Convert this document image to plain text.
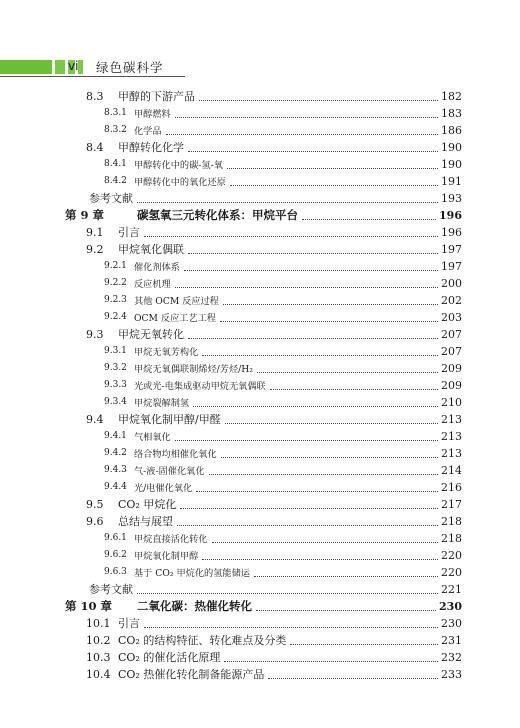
vi 绿色碳科学
8.3	甲醇的下游产品	182
8.3.1 甲醇燃料	183
8.3.2 化学品	186
8.4	甲醇转化化学	190
8.4.1 甲醇转化中的碳-氢-氧	190
8.4.2 甲醇转化中的氧化还原	191
参考文献	193
第 9 章	碳氢氧三元转化体系：甲烷平台	196
9.1	引言	196
9.2	甲烷氧化偶联	197
9.2.1 催化剂体系	197
9.2.2 反应机理	200
9.2.3 其他 OCM 反应过程	202
9.2.4 OCM 反应工艺工程	203
9.3	甲烷无氧转化	207
9.3.1 甲烷无氧芳构化	207
9.3.2 甲烷无氧偶联制烯烃/芳烃/H₂	209
9.3.3 光或光-电集成驱动甲烷无氧偶联	209
9.3.4 甲烷裂解制氢	210
9.4	甲烷氧化制甲醇/甲醛	213
9.4.1 气相氧化	213
9.4.2 络合物均相催化氧化	213
9.4.3 气-液-固催化氧化	214
9.4.4 光/电催化氧化	216
9.5	CO₂ 甲烷化	217
9.6	总结与展望	218
9.6.1 甲烷直接活化转化	218
9.6.2 甲烷氧化制甲醇	220
9.6.3 基于 CO₂ 甲烷化的氢能储运	220
参考文献	221
第 10 章	二氧化碳：热催化转化	230
10.1 引言	230
10.2 CO₂ 的结构特征、转化难点及分类	231
10.3 CO₂ 的催化活化原理	232
10.4 CO₂ 热催化转化制备能源产品	233
